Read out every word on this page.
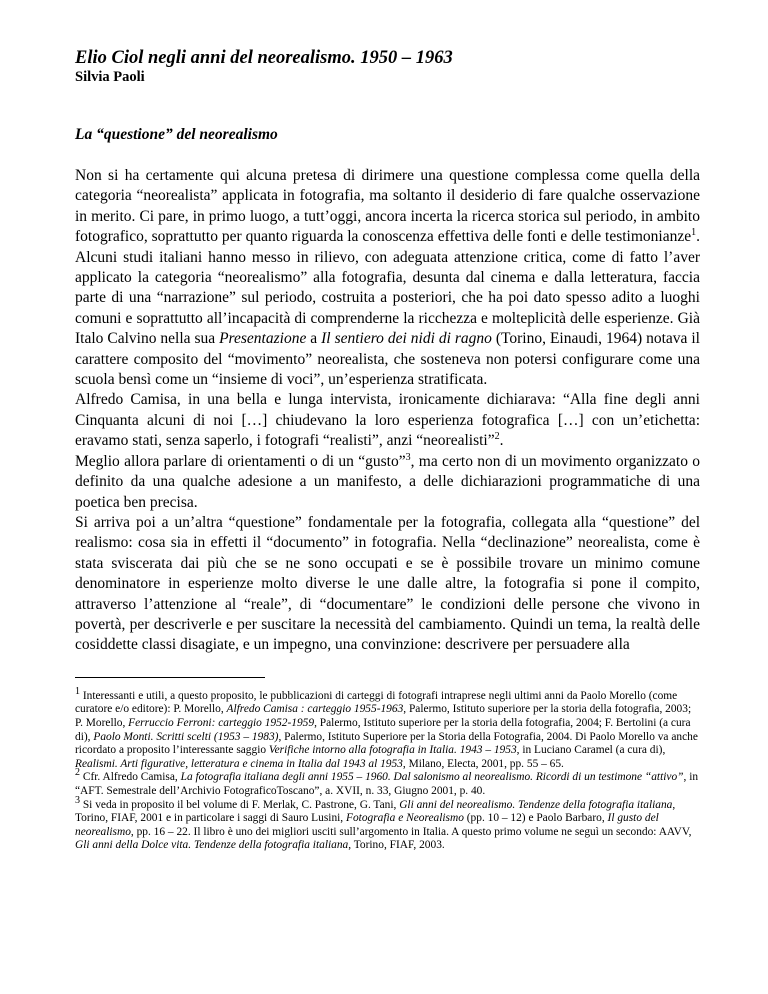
Elio Ciol negli anni del neorealismo. 1950 – 1963
Silvia Paoli
La “questione” del neorealismo

Non si ha certamente qui alcuna pretesa di dirimere una questione complessa come quella della categoria “neorealista” applicata in fotografia, ma soltanto il desiderio di fare qualche osservazione in merito. Ci pare, in primo luogo, a tutt’oggi, ancora incerta la ricerca storica sul periodo, in ambito fotografico, soprattutto per quanto riguarda la conoscenza effettiva delle fonti e delle testimonianze$^1$. Alcuni studi italiani hanno messo in rilievo, con adeguata attenzione critica, come di fatto l’aver applicato la categoria “neorealismo” alla fotografia, desunta dal cinema e dalla letteratura, faccia parte di una “narrazione” sul periodo, costruita a posteriori, che ha poi dato spesso adito a luoghi comuni e soprattutto all’incapacità di comprenderne la ricchezza e molteplicità delle esperienze. Già Italo Calvino nella sua Presentazione a Il sentiero dei nidi di ragno (Torino, Einaudi, 1964) notava il carattere composito del “movimento” neorealista, che sosteneva non potersi configurare come una scuola bensì come un “insieme di voci”, un’esperienza stratificata.

Alfredo Camisa, in una bella e lunga intervista, ironicamente dichiarava: “Alla fine degli anni Cinquanta alcuni di noi […] chiudevano la loro esperienza fotografica […] con un’etichetta: eravamo stati, senza saperlo, i fotografi “realisti”, anzi “neorealisti”$^2$.

Meglio allora parlare di orientamenti o di un “gusto”$^3$, ma certo non di un movimento organizzato o definito da una qualche adesione a un manifesto, a delle dichiarazioni programmatiche di una poetica ben precisa.

Si arriva poi a un’altra “questione” fondamentale per la fotografia, collegata alla “questione” del realismo: cosa sia in effetti il “documento” in fotografia. Nella “declinazione” neorealista, come è stata sviscerata dai più che se ne sono occupati e se è possibile trovare un minimo comune denominatore in esperienze molto diverse le une dalle altre, la fotografia si pone il compito, attraverso l’attenzione al “reale”, di “documentare” le condizioni delle persone che vivono in povertà, per descriverle e per suscitare la necessità del cambiamento. Quindi un tema, la realtà delle cosiddette classi disagiate, e un impegno, una convinzione: descrivere per persuadere alla

$^1$ Interessanti e utili, a questo proposito, le pubblicazioni di carteggi di fotografi intraprese negli ultimi anni da Paolo Morello (come curatore e/o editore): P. Morello, Alfredo Camisa : carteggio 1955-1963, Palermo, Istituto superiore per la storia della fotografia, 2003; P. Morello, Ferruccio Ferroni: carteggio 1952-1959, Palermo, Istituto superiore per la storia della fotografia, 2004; F. Bertolini (a cura di), Paolo Monti. Scritti scelti (1953 – 1983), Palermo, Istituto Superiore per la Storia della Fotografia, 2004. Di Paolo Morello va anche ricordato a proposito l’interessante saggio Verifiche intorno alla fotografia in Italia. 1943 – 1953, in Luciano Caramel (a cura di), Realismi. Arti figurative, letteratura e cinema in Italia dal 1943 al 1953, Milano, Electa, 2001, pp. 55 – 65.

$^2$ Cfr. Alfredo Camisa, La fotografia italiana degli anni 1955 – 1960. Dal salonismo al neorealismo. Ricordi di un testimone “attivo”, in “AFT. Semestrale dell’Archivio FotograficoToscano”, a. XVII, n. 33, Giugno 2001, p. 40.

$^3$ Si veda in proposito il bel volume di F. Merlak, C. Pastrone, G. Tani, Gli anni del neorealismo. Tendenze della fotografia italiana, Torino, FIAF, 2001 e in particolare i saggi di Sauro Lusini, Fotografia e Neorealismo (pp. 10 – 12) e Paolo Barbaro, Il gusto del neorealismo, pp. 16 – 22. Il libro è uno dei migliori usciti sull’argomento in Italia. A questo primo volume ne seguì un secondo: AAVV, Gli anni della Dolce vita. Tendenze della fotografia italiana, Torino, FIAF, 2003.
